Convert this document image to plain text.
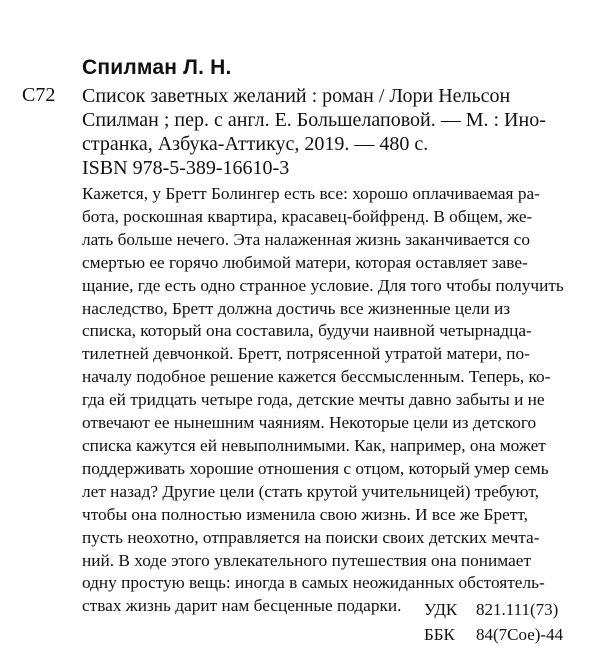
Спилман Л. Н.
С72 Список заветных желаний : роман / Лори Нельсон
Спилман ; пер. с англ. Е. Большелаповой. — М. : Ино-
странка, Азбука-Аттикус, 2019. — 480 с.
ISBN 978-5-389-16610-3
Кажется, у Бретт Болингер есть все: хорошо оплачиваемая ра-
бота, роскошная квартира, красавец-бойфренд. В общем, же-
лать больше нечего. Эта налаженная жизнь заканчивается со
смертью ее горячо любимой матери, которая оставляет заве-
щание, где есть одно странное условие. Для того чтобы получить
наследство, Бретт должна достичь все жизненные цели из
списка, который она составила, будучи наивной четырнадца-
тилетней девчонкой. Бретт, потрясенной утратой матери, по-
началу подобное решение кажется бессмысленным. Теперь, ко-
гда ей тридцать четыре года, детские мечты давно забыты и не
отвечают ее нынешним чаяниям. Некоторые цели из детского
списка кажутся ей невыполнимыми. Как, например, она может
поддерживать хорошие отношения с отцом, который умер семь
лет назад? Другие цели (стать крутой учительницей) требуют,
чтобы она полностью изменила свою жизнь. И все же Бретт,
пусть неохотно, отправляется на поиски своих детских мечта-
ний. В ходе этого увлекательного путешествия она понимает
одну простую вещь: иногда в самых неожиданных обстоятель-
ствах жизнь дарит нам бесценные подарки.	УДК 821.111(73)
ББК 84(7Сое)-44
